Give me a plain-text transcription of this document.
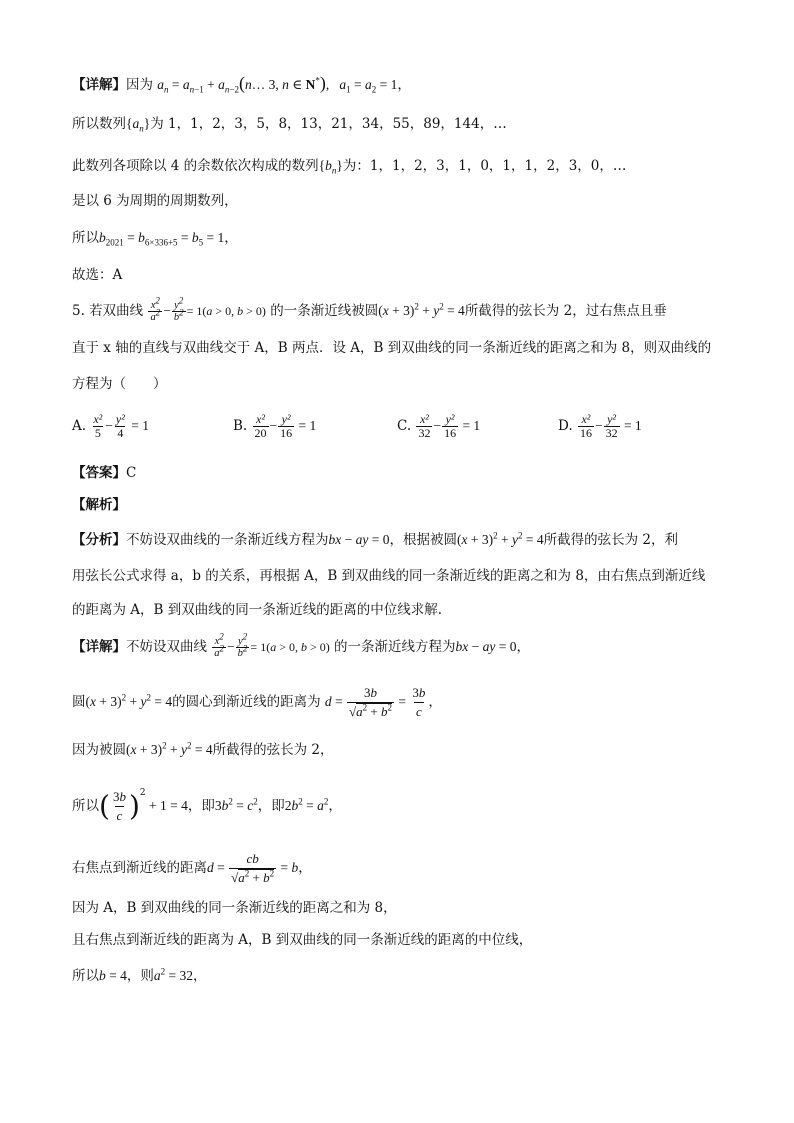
【详解】因为 $a_n = a_{n-1}$ + $a_{n-2}(n\dots$ 3, n ∈ N*),   $a_1 = a_2 = 1$，
所以数列$\{a_n\}$为 1，1，2，3，5，8，13，21，34，55，89，144，…
此数列各项除以 4 的余数依次构成的数列$\{b_n\}$为：1，1，2，3，1，0，1，1，2，3，0，…
是以 6 为周期的周期数列，
所以$b_{2021} = b_{6\times 336+5} = b_5 = 1$，
故选：A
5. 若双曲线 $\frac{x^2}{a^2} - \frac{y^2}{b^2} = 1(a > 0$, b > 0) 的一条渐近线被圆$(x + 3)^2 + y^2 = 4$所截得的弦长为 2，过右焦点且垂
直于 x 轴的直线与双曲线交于 A，B 两点．设 A，B 到双曲线的同一条渐近线的距离之和为 8，则双曲线的
方程为（　　）
A. $\frac{\text{x²}}{5} - \frac{\text{y²}}{4} = 1$	B. $\frac{\text{x²}}{20} - \frac{\text{y²}}{16} = 1$	C. $\frac{\text{x²}}{32} - \frac{\text{y²}}{16} = 1$	D. $\frac{\text{x²}}{16} - \frac{\text{y²}}{32} = 1$
【答案】C
【解析】
【分析】不妨设双曲线的一条渐近线方程为bx − ay = 0，根据被圆$(x + 3)^2 + y^2 = 4$所截得的弦长为 2，利
用弦长公式求得 a，b 的关系，再根据 A，B 到双曲线的同一条渐近线的距离之和为 8，由右焦点到渐近线
的距离为 A，B 到双曲线的同一条渐近线的距离的中位线求解.
【详解】不妨设双曲线 $\frac{x^2}{a^2} - \frac{y^2}{b^2} = 1(a > 0$, b > 0) 的一条渐近线方程为bx − ay = 0，
圆$(x + 3)^2 + y^2 = 4$的圆心到渐近线的距离为 $d = \frac{3b}{√a^2 + b^2} = \frac{3b}{c}$ ，
因为被圆$(x + 3)^2 + y^2 = 4$所截得的弦长为 2，
所以( $\frac{3b}{c} )^2 + 1 = 4$，即$3b^2 = c^2$，即$2b^2 = a^2$，
右焦点到渐近线的距离$d = \frac{cb}{√a^2 + b^2} = b$，
因为 A，B 到双曲线的同一条渐近线的距离之和为 8，
且右焦点到渐近线的距离为 A，B 到双曲线的同一条渐近线的距离的中位线，
所以b = 4，则$a^2 = 32$，
